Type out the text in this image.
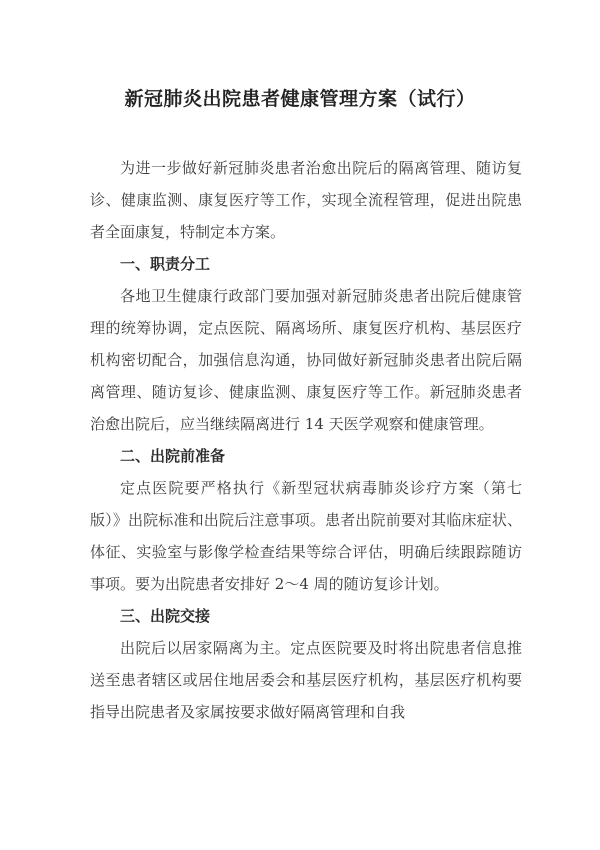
新冠肺炎出院患者健康管理方案（试行）

为进一步做好新冠肺炎患者治愈出院后的隔离管理、随访复诊、健康监测、康复医疗等工作，实现全流程管理，促进出院患者全面康复，特制定本方案。

一、职责分工

各地卫生健康行政部门要加强对新冠肺炎患者出院后健康管理的统筹协调，定点医院、隔离场所、康复医疗机构、基层医疗机构密切配合，加强信息沟通，协同做好新冠肺炎患者出院后隔离管理、随访复诊、健康监测、康复医疗等工作。新冠肺炎患者治愈出院后，应当继续隔离进行 14 天医学观察和健康管理。

二、出院前准备

定点医院要严格执行《新型冠状病毒肺炎诊疗方案（第七版）》出院标准和出院后注意事项。患者出院前要对其临床症状、体征、实验室与影像学检查结果等综合评估，明确后续跟踪随访事项。要为出院患者安排好 2～4 周的随访复诊计划。

三、出院交接

出院后以居家隔离为主。定点医院要及时将出院患者信息推送至患者辖区或居住地居委会和基层医疗机构，基层医疗机构要指导出院患者及家属按要求做好隔离管理和自我
